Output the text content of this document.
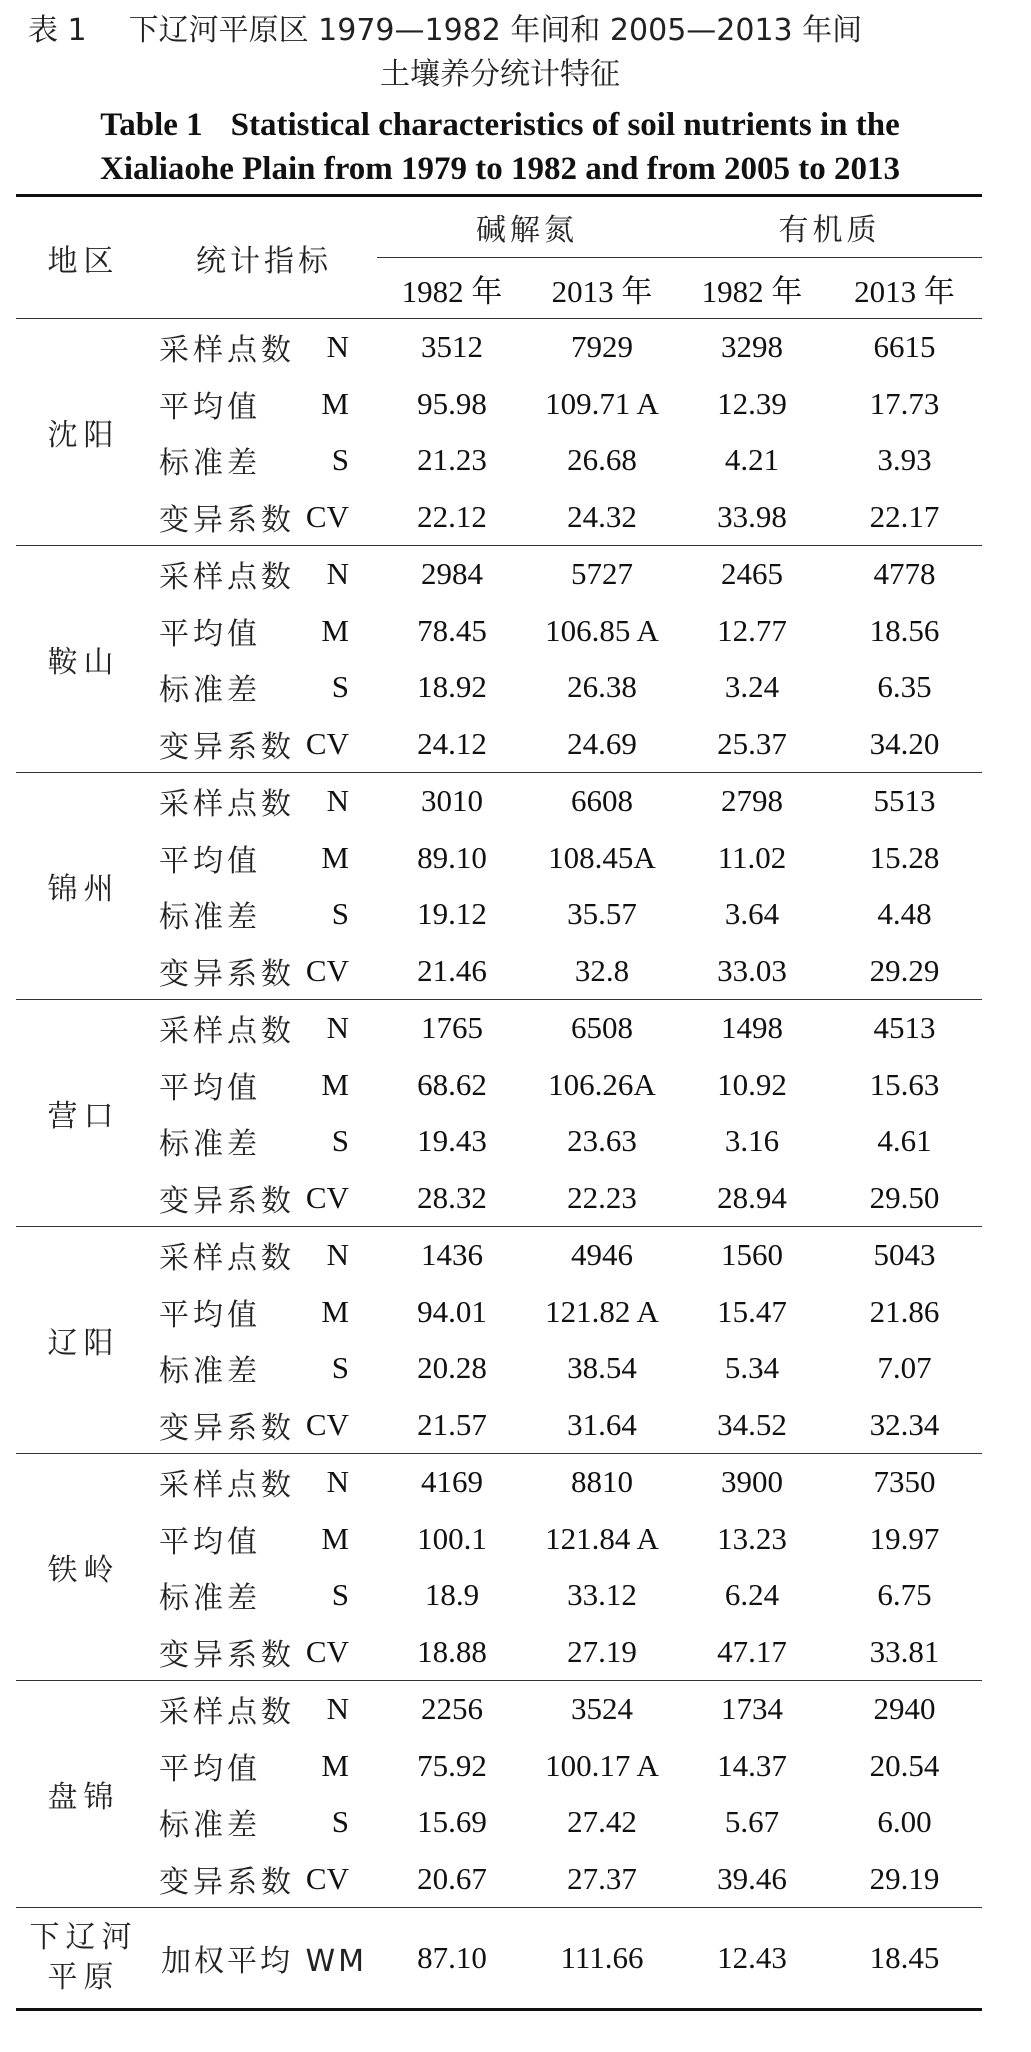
表 1 下辽河平原区 1979—1982 年间和 2005—2013 年间
土壤养分统计特征
Table 1 Statistical characteristics of soil nutrients in the
Xialiaohe Plain from 1979 to 1982 and from 2005 to 2013
地区	统计指标	碱解氮		有机质	
		1982 年	2013 年	1982 年	2013 年
沈阳	采样点数 N	3512	7929	3298	6615

	平均值 M	95.98	109.71 A	12.39	17.73

	标准差 S	21.23	26.68	4.21	3.93

	变异系数 CV	22.12	24.32	33.98	22.17
鞍山	采样点数 N	2984	5727	2465	4778

	平均值 M	78.45	106.85 A	12.77	18.56

	标准差 S	18.92	26.38	3.24	6.35

	变异系数 CV	24.12	24.69	25.37	34.20
锦州	采样点数 N	3010	6608	2798	5513

	平均值 M	89.10	108.45A	11.02	15.28

	标准差 S	19.12	35.57	3.64	4.48

	变异系数 CV	21.46	32.8	33.03	29.29
营口	采样点数 N	1765	6508	1498	4513

	平均值 M	68.62	106.26A	10.92	15.63

	标准差 S	19.43	23.63	3.16	4.61

	变异系数 CV	28.32	22.23	28.94	29.50
辽阳	采样点数 N	1436	4946	1560	5043

	平均值 M	94.01	121.82 A	15.47	21.86

	标准差 S	20.28	38.54	5.34	7.07

	变异系数 CV	21.57	31.64	34.52	32.34
铁岭	采样点数 N	4169	8810	3900	7350

	平均值 M	100.1	121.84 A	13.23	19.97

	标准差 S	18.9	33.12	6.24	6.75

	变异系数 CV	18.88	27.19	47.17	33.81
盘锦	采样点数 N	2256	3524	1734	2940

	平均值 M	75.92	100.17 A	14.37	20.54

	标准差 S	15.69	27.42	5.67	6.00

	变异系数 CV	20.67	27.37	39.46	29.19

下辽河
平原	加权平均 WM	87.10	111.66	12.43	18.45
